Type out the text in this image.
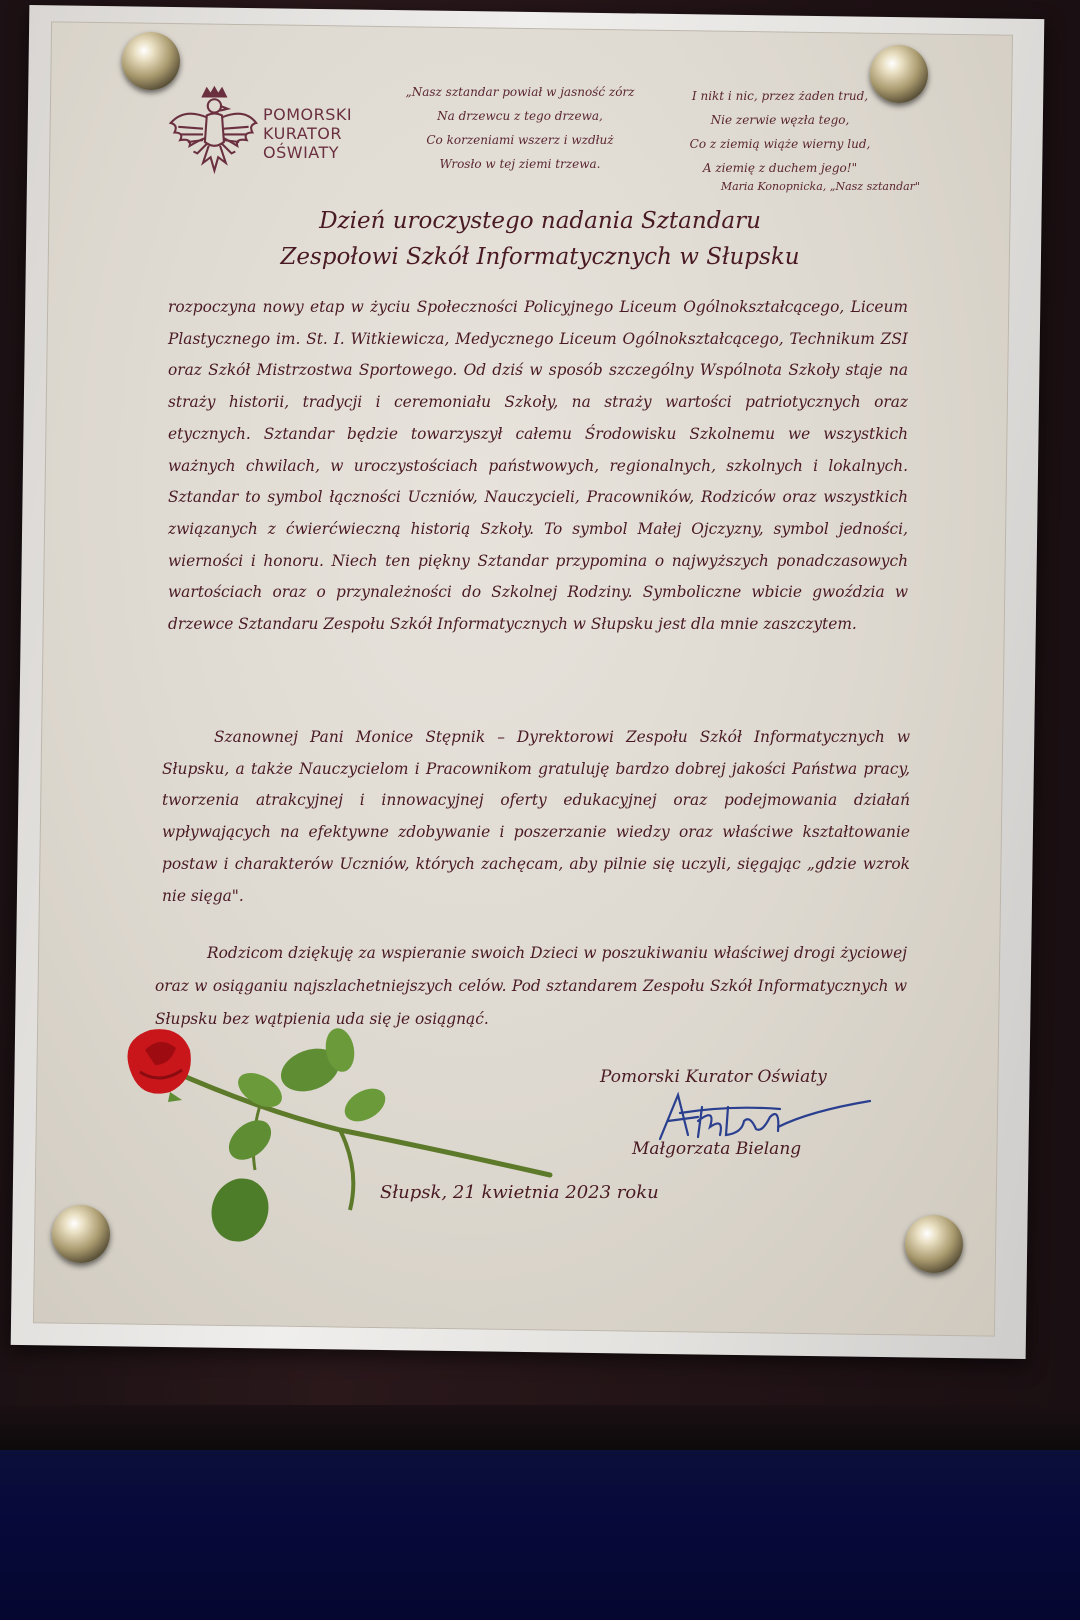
POMORSKI
KURATOR
OŚWIATY
„Nasz sztandar powiał w jasność zórz
Na drzewcu z tego drzewa,
Co korzeniami wszerz i wzdłuż
Wrosło w tej ziemi trzewa.
I nikt i nic, przez żaden trud,
Nie zerwie węzła tego,
Co z ziemią wiąże wierny lud,
A ziemię z duchem jego!"
Maria Konopnicka, „Nasz sztandar"
Dzień uroczystego nadania Sztandaru
Zespołowi Szkół Informatycznych w Słupsku
rozpoczyna nowy etap w życiu Społeczności Policyjnego Liceum Ogólnokształcącego, Liceum Plastycznego im. St. I. Witkiewicza, Medycznego Liceum Ogólnokształcącego, Technikum ZSI oraz Szkół Mistrzostwa Sportowego. Od dziś w sposób szczególny Wspólnota Szkoły staje na straży historii, tradycji i ceremoniału Szkoły, na straży wartości patriotycznych oraz etycznych. Sztandar będzie towarzyszył całemu Środowisku Szkolnemu we wszystkich ważnych chwilach, w uroczystościach państwowych, regionalnych, szkolnych i lokalnych. Sztandar to symbol łączności Uczniów, Nauczycieli, Pracowników, Rodziców oraz wszystkich związanych z ćwierćwieczną historią Szkoły. To symbol Małej Ojczyzny, symbol jedności, wierności i honoru. Niech ten piękny Sztandar przypomina o najwyższych ponadczasowych wartościach oraz o przynależności do Szkolnej Rodziny. Symboliczne wbicie gwoździa w drzewce Sztandaru Zespołu Szkół Informatycznych w Słupsku jest dla mnie zaszczytem.
Szanownej Pani Monice Stępnik – Dyrektorowi Zespołu Szkół Informatycznych w Słupsku, a także Nauczycielom i Pracownikom gratuluję bardzo dobrej jakości Państwa pracy, tworzenia atrakcyjnej i innowacyjnej oferty edukacyjnej oraz podejmowania działań wpływających na efektywne zdobywanie i poszerzanie wiedzy oraz właściwe kształtowanie postaw i charakterów Uczniów, których zachęcam, aby pilnie się uczyli, sięgając „gdzie wzrok nie sięga".
Rodzicom dziękuję za wspieranie swoich Dzieci w poszukiwaniu właściwej drogi życiowej oraz w osiąganiu najszlachetniejszych celów. Pod sztandarem Zespołu Szkół Informatycznych w Słupsku bez wątpienia uda się je osiągnąć.
Pomorski Kurator Oświaty
Małgorzata Bielang
Słupsk, 21 kwietnia 2023 roku
